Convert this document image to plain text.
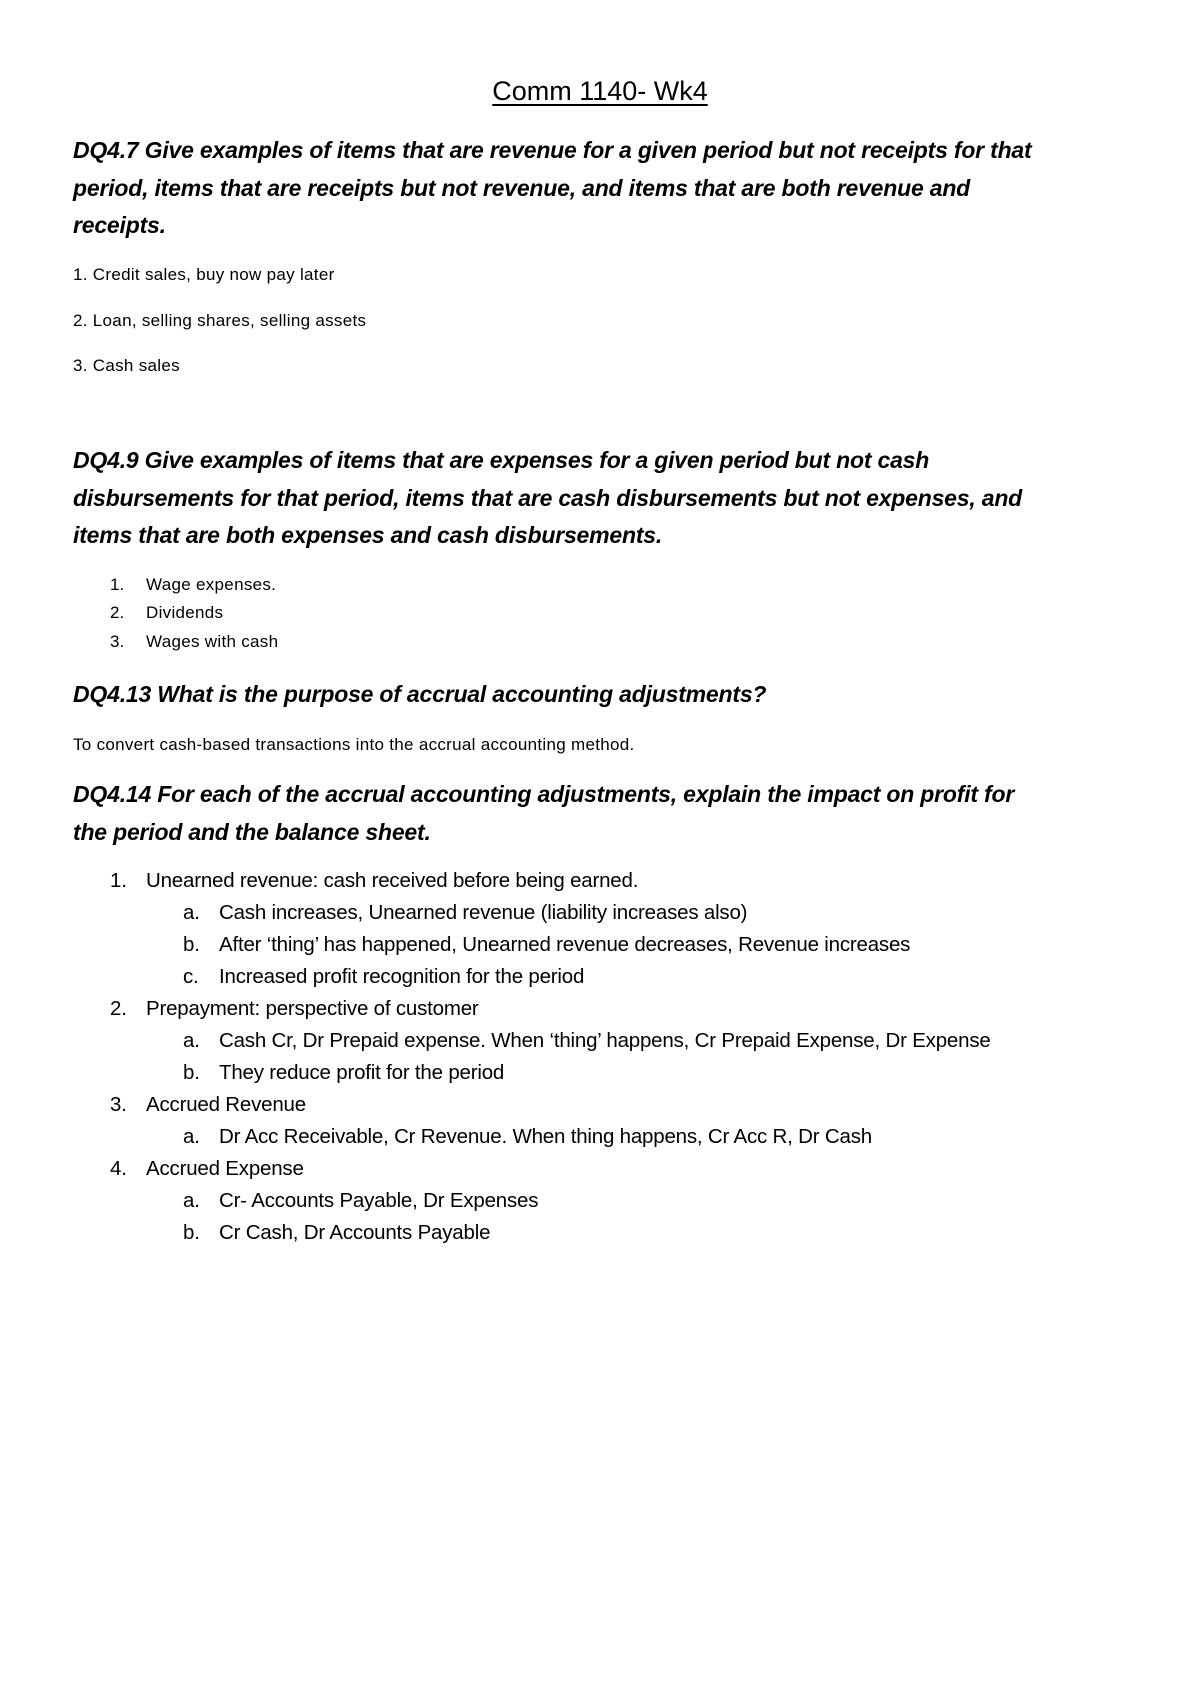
Comm 1140- Wk4
DQ4.7 Give examples of items that are revenue for a given period but not receipts for that
period, items that are receipts but not revenue, and items that are both revenue and
receipts.
1. Credit sales, buy now pay later
2. Loan, selling shares, selling assets
3. Cash sales
DQ4.9 Give examples of items that are expenses for a given period but not cash
disbursements for that period, items that are cash disbursements but not expenses, and
items that are both expenses and cash disbursements.
1. Wage expenses.
2. Dividends
3. Wages with cash
DQ4.13 What is the purpose of accrual accounting adjustments?
To convert cash-based transactions into the accrual accounting method.
DQ4.14 For each of the accrual accounting adjustments, explain the impact on profit for
the period and the balance sheet.
1. Unearned revenue: cash received before being earned.
a. Cash increases, Unearned revenue (liability increases also)
b. After ‘thing’ has happened, Unearned revenue decreases, Revenue increases
c. Increased profit recognition for the period
2. Prepayment: perspective of customer
a. Cash Cr, Dr Prepaid expense. When ‘thing’ happens, Cr Prepaid Expense, Dr Expense
b. They reduce profit for the period
3. Accrued Revenue
a. Dr Acc Receivable, Cr Revenue. When thing happens, Cr Acc R, Dr Cash
4. Accrued Expense
a. Cr- Accounts Payable, Dr Expenses
b. Cr Cash, Dr Accounts Payable
